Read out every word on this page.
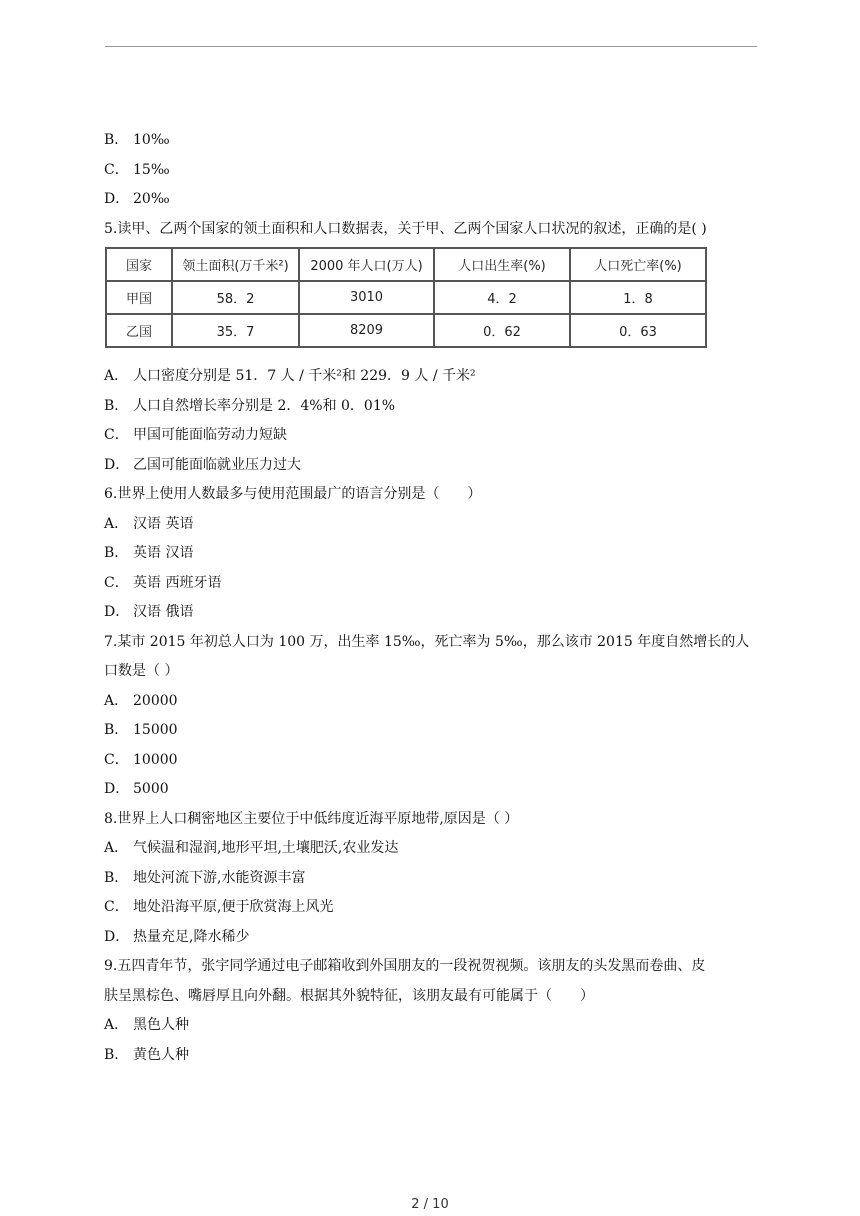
B． 10‰
C． 15‰
D． 20‰
5.读甲、乙两个国家的领土面积和人口数据表，关于甲、乙两个国家人口状况的叙述，正确的是( )
国家	领土面积(万千米²)	2000 年人口(万人)	人口出生率(%)	人口死亡率(%)
甲国	58．2	3010	4．2	1．8
乙国	35．7	8209	0．62	0．63
A． 人口密度分别是 51．7 人 / 千米²和 229．9 人 / 千米²
B． 人口自然增长率分别是 2．4%和 0．01%
C． 甲国可能面临劳动力短缺
D． 乙国可能面临就业压力过大
6.世界上使用人数最多与使用范围最广的语言分别是（　　）
A． 汉语 英语
B． 英语 汉语
C． 英语 西班牙语
D． 汉语 俄语
7.某市 2015 年初总人口为 100 万，出生率 15‰，死亡率为 5‰，那么该市 2015 年度自然增长的人
口数是（ ）
A． 20000
B． 15000
C． 10000
D． 5000
8.世界上人口稠密地区主要位于中低纬度近海平原地带,原因是（ ）
A． 气候温和湿润,地形平坦,土壤肥沃,农业发达
B． 地处河流下游,水能资源丰富
C． 地处沿海平原,便于欣赏海上风光
D． 热量充足,降水稀少
9.五四青年节，张宇同学通过电子邮箱收到外国朋友的一段祝贺视频。该朋友的头发黑而卷曲、皮
肤呈黑棕色、嘴唇厚且向外翻。根据其外貌特征，该朋友最有可能属于（　　）
A． 黑色人种
B． 黄色人种
2 / 10
